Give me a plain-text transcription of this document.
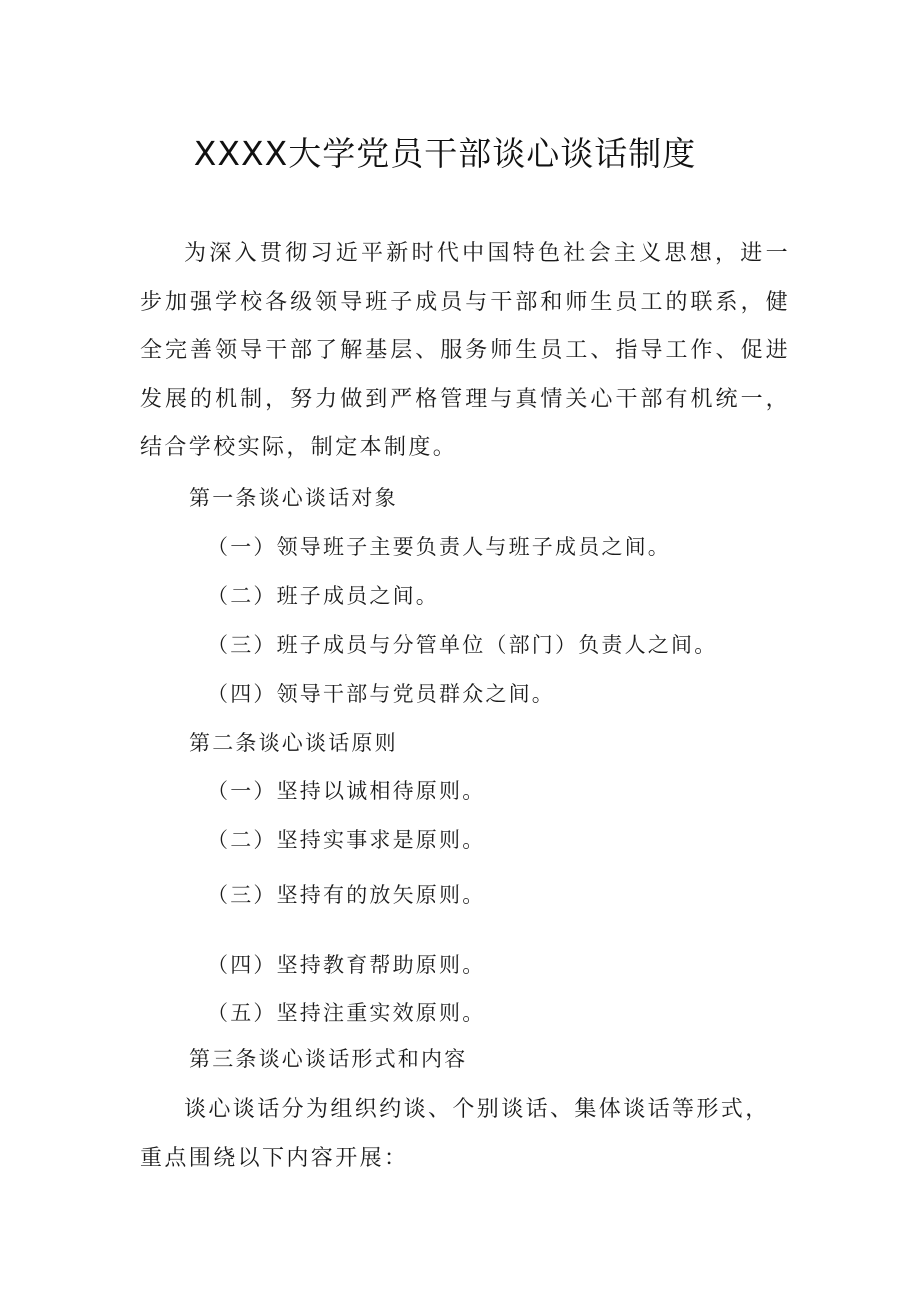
XXXX大学党员干部谈心谈话制度

为深入贯彻习近平新时代中国特色社会主义思想，进一步加强学校各级领导班子成员与干部和师生员工的联系，健全完善领导干部了解基层、服务师生员工、指导工作、促进发展的机制，努力做到严格管理与真情关心干部有机统一，结合学校实际，制定本制度。

第一条谈心谈话对象

（一）领导班子主要负责人与班子成员之间。

（二）班子成员之间。

（三）班子成员与分管单位（部门）负责人之间。

（四）领导干部与党员群众之间。

第二条谈心谈话原则

（一）坚持以诚相待原则。

（二）坚持实事求是原则。

（三）坚持有的放矢原则。

（四）坚持教育帮助原则。

（五）坚持注重实效原则。

第三条谈心谈话形式和内容

谈心谈话分为组织约谈、个别谈话、集体谈话等形式，重点围绕以下内容开展：
